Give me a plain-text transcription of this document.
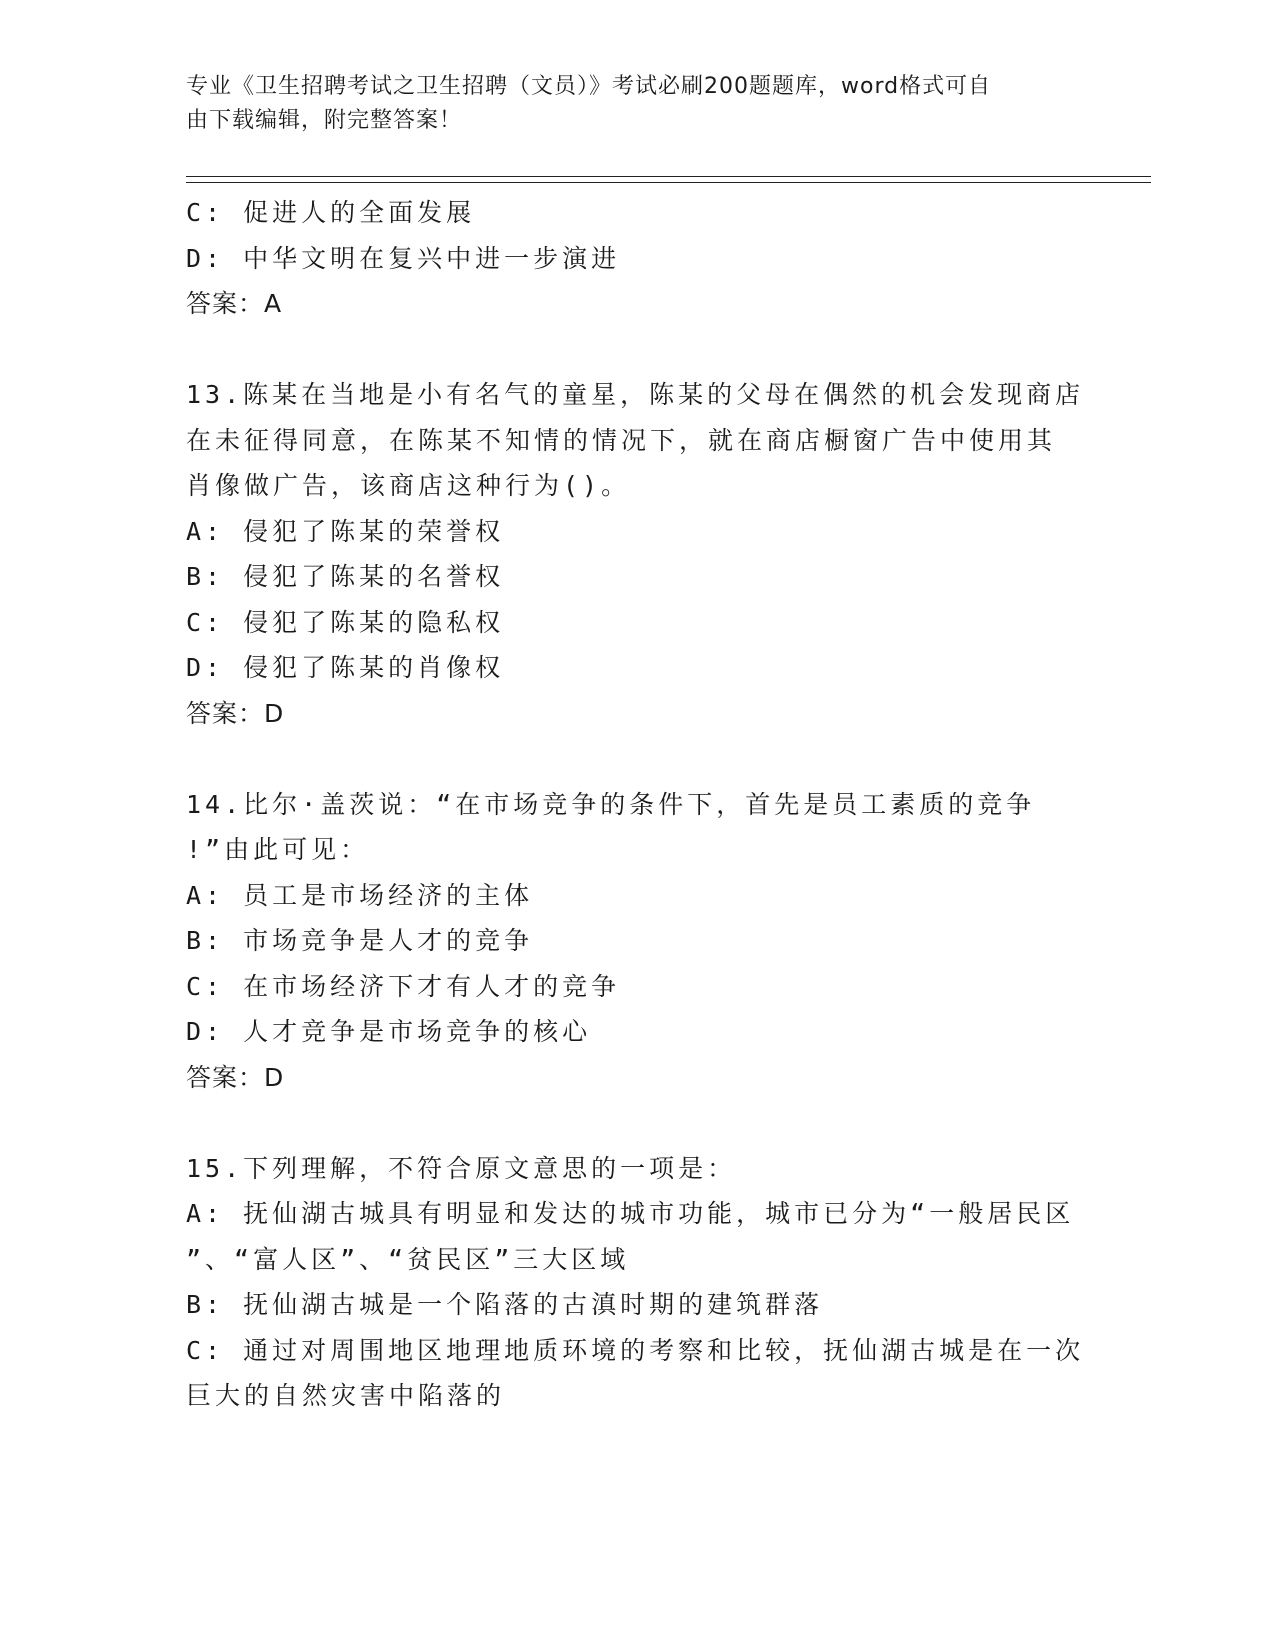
专业《卫生招聘考试之卫生招聘（文员）》考试必刷200题题库，word格式可自
由下载编辑，附完整答案！
C: 促进人的全面发展
D: 中华文明在复兴中进一步演进
答案：A
13.陈某在当地是小有名气的童星，陈某的父母在偶然的机会发现商店
在未征得同意，在陈某不知情的情况下，就在商店橱窗广告中使用其
肖像做广告，该商店这种行为()。
A: 侵犯了陈某的荣誉权
B: 侵犯了陈某的名誉权
C: 侵犯了陈某的隐私权
D: 侵犯了陈某的肖像权
答案：D
14.比尔·盖茨说：“在市场竞争的条件下，首先是员工素质的竞争
!”由此可见：
A: 员工是市场经济的主体
B: 市场竞争是人才的竞争
C: 在市场经济下才有人才的竞争
D: 人才竞争是市场竞争的核心
答案：D
15.下列理解，不符合原文意思的一项是：
A: 抚仙湖古城具有明显和发达的城市功能，城市已分为“一般居民区
”、“富人区”、“贫民区”三大区域
B: 抚仙湖古城是一个陷落的古滇时期的建筑群落
C: 通过对周围地区地理地质环境的考察和比较，抚仙湖古城是在一次
巨大的自然灾害中陷落的
